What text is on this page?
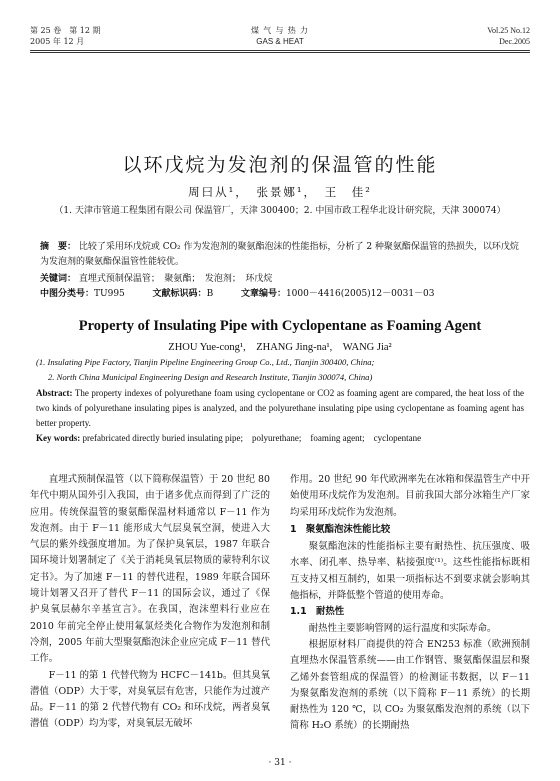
第 25 卷　第 12 期
2005 年 12 月
煤 气 与 热 力
GAS & HEAT
Vol.25 No.12
Dec.2005
以环戊烷为发泡剂的保温管的性能
周曰从¹，　张景娜¹，　王　佳²
（1. 天津市管道工程集团有限公司 保温管厂，天津 300400；2. 中国市政工程华北设计研究院，天津 300074）
摘　要： 比较了采用环戊烷或 CO₂ 作为发泡剂的聚氨酯泡沫的性能指标，分析了 2 种聚氨酯保温管的热损失，以环戊烷为发泡剂的聚氨酯保温管性能较优。
关键词： 直埋式预制保温管；　聚氨酯；　发泡剂；　环戊烷
中图分类号：TU995	文献标识码：B	文章编号：1000－4416(2005)12－0031－03
Property of Insulating Pipe with Cyclopentane as Foaming Agent
ZHOU Yue-cong¹,　ZHANG Jing-na¹,　WANG Jia²
(1. Insulating Pipe Factory, Tianjin Pipeline Engineering Group Co., Ltd., Tianjin 300400, China;
2. North China Municipal Engineering Design and Research Institute, Tianjin 300074, China)
Abstract: The property indexes of polyurethane foam using cyclopentane or CO2 as foaming agent are compared, the heat loss of the two kinds of polyurethane insulating pipes is analyzed, and the polyurethane insulating pipe using cyclopentane as foaming agent has better property.
Key words: prefabricated directly buried insulating pipe;　polyurethane;　foaming agent;　cyclopentane

直埋式预制保温管（以下简称保温管）于 20 世纪 80 年代中期从国外引入我国，由于诸多优点而得到了广泛的应用。传统保温管的聚氨酯保温材料通常以 F－11 作为发泡剂。由于 F－11 能形成大气层臭氧空洞，使进入大气层的紫外线强度增加。为了保护臭氧层，1987 年联合国环境计划署制定了《关于消耗臭氧层物质的蒙特利尔议定书》。为了加速 F－11 的替代进程，1989 年联合国环境计划署又召开了替代 F－11 的国际会议，通过了《保护臭氧层赫尔辛基宣言》。在我国，泡沫塑料行业应在 2010 年前完全停止使用氟氯烃类化合物作为发泡剂和制冷剂，2005 年前大型聚氨酯泡沫企业应完成 F－11 替代工作。

F－11 的第 1 代替代物为 HCFC－141b。但其臭氧潜值（ODP）大于零，对臭氧层有危害，只能作为过渡产品。F－11 的第 2 代替代物有 CO₂ 和环戊烷，两者臭氧潜值（ODP）均为零，对臭氧层无破坏

作用。20 世纪 90 年代欧洲率先在冰箱和保温管生产中开始使用环戊烷作为发泡剂。目前我国大部分冰箱生产厂家均采用环戊烷作为发泡剂。

1　聚氨酯泡沫性能比较

聚氨酯泡沫的性能指标主要有耐热性、抗压强度、吸水率、闭孔率、热导率、粘接强度⁽¹⁾。这些性能指标既相互支持又相互制约，如果一项指标达不到要求就会影响其他指标，并降低整个管道的使用寿命。

1.1　耐热性

耐热性主要影响管网的运行温度和实际寿命。

根据原材料厂商提供的符合 EN253 标准（欧洲预制直埋热水保温管系统——由工作钢管、聚氨酯保温层和聚乙烯外套管组成的保温管）的检测证书数据，以 F－11 为聚氨酯发泡剂的系统（以下简称 F－11 系统）的长期耐热性为 120 ℃，以 CO₂ 为聚氨酯发泡剂的系统（以下简称 H₂O 系统）的长期耐热

· 31 ·
